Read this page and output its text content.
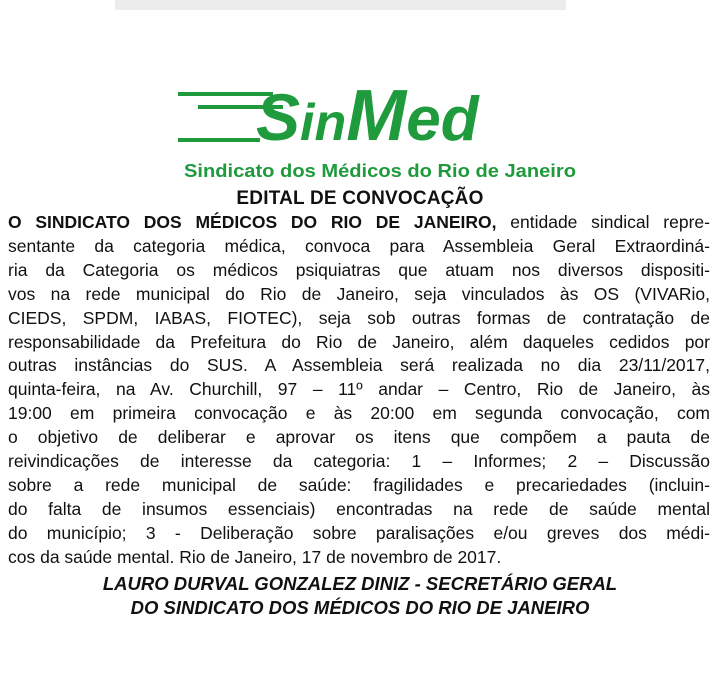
SinMed
Sindicato dos Médicos do Rio de Janeiro
EDITAL DE CONVOCAÇÃO
O SINDICATO DOS MÉDICOS DO RIO DE JANEIRO, entidade sindical repre-
sentante da categoria médica, convoca para Assembleia Geral Extraordiná-
ria da Categoria os médicos psiquiatras que atuam nos diversos dispositi-
vos na rede municipal do Rio de Janeiro, seja vinculados às OS (VIVARio,
CIEDS, SPDM, IABAS, FIOTEC), seja sob outras formas de contratação de
responsabilidade da Prefeitura do Rio de Janeiro, além daqueles cedidos por
outras instâncias do SUS. A Assembleia será realizada no dia 23/11/2017,
quinta-feira, na Av. Churchill, 97 – 11º andar – Centro, Rio de Janeiro, às
19:00 em primeira convocação e às 20:00 em segunda convocação, com
o objetivo de deliberar e aprovar os itens que compõem a pauta de
reivindicações de interesse da categoria: 1 – Informes; 2 – Discussão
sobre a rede municipal de saúde: fragilidades e precariedades (incluin-
do falta de insumos essenciais) encontradas na rede de saúde mental
do município; 3 - Deliberação sobre paralisações e/ou greves dos médi-
cos da saúde mental. Rio de Janeiro, 17 de novembro de 2017.
LAURO DURVAL GONZALEZ DINIZ - SECRETÁRIO GERAL
DO SINDICATO DOS MÉDICOS DO RIO DE JANEIRO
